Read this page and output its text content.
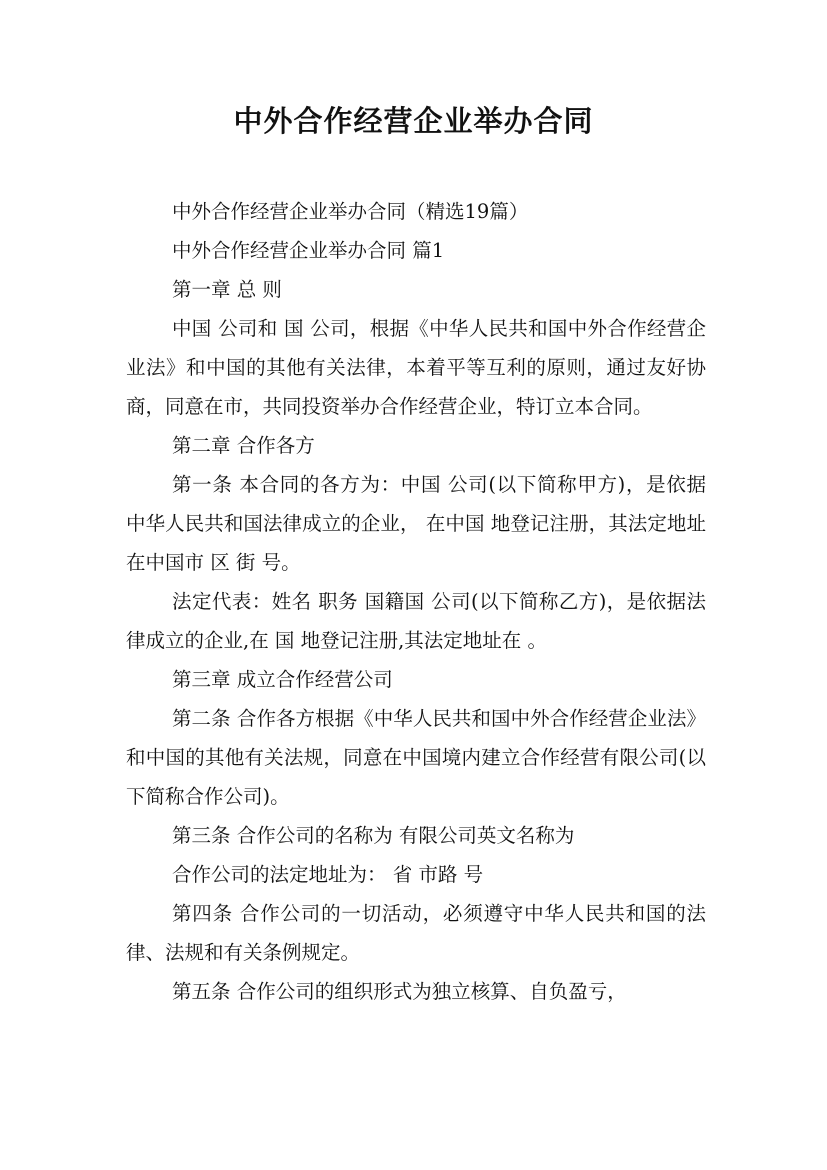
中外合作经营企业举办合同

中外合作经营企业举办合同（精选19篇）

中外合作经营企业举办合同 篇1

第一章 总 则

中国 公司和 国 公司，根据《中华人民共和国中外合作经营企业法》和中国的其他有关法律，本着平等互利的原则，通过友好协商，同意在市，共同投资举办合作经营企业，特订立本合同。

第二章 合作各方

第一条 本合同的各方为：中国 公司(以下简称甲方)，是依据中华人民共和国法律成立的企业， 在中国 地登记注册，其法定地址在中国市 区 街 号。

法定代表：姓名 职务 国籍国 公司(以下简称乙方)，是依据法律成立的企业,在 国 地登记注册,其法定地址在 。

第三章 成立合作经营公司

第二条 合作各方根据《中华人民共和国中外合作经营企业法》和中国的其他有关法规，同意在中国境内建立合作经营有限公司(以下简称合作公司)。

第三条 合作公司的名称为 有限公司英文名称为

合作公司的法定地址为： 省 市路 号

第四条 合作公司的一切活动，必须遵守中华人民共和国的法律、法规和有关条例规定。

第五条 合作公司的组织形式为独立核算、自负盈亏，
